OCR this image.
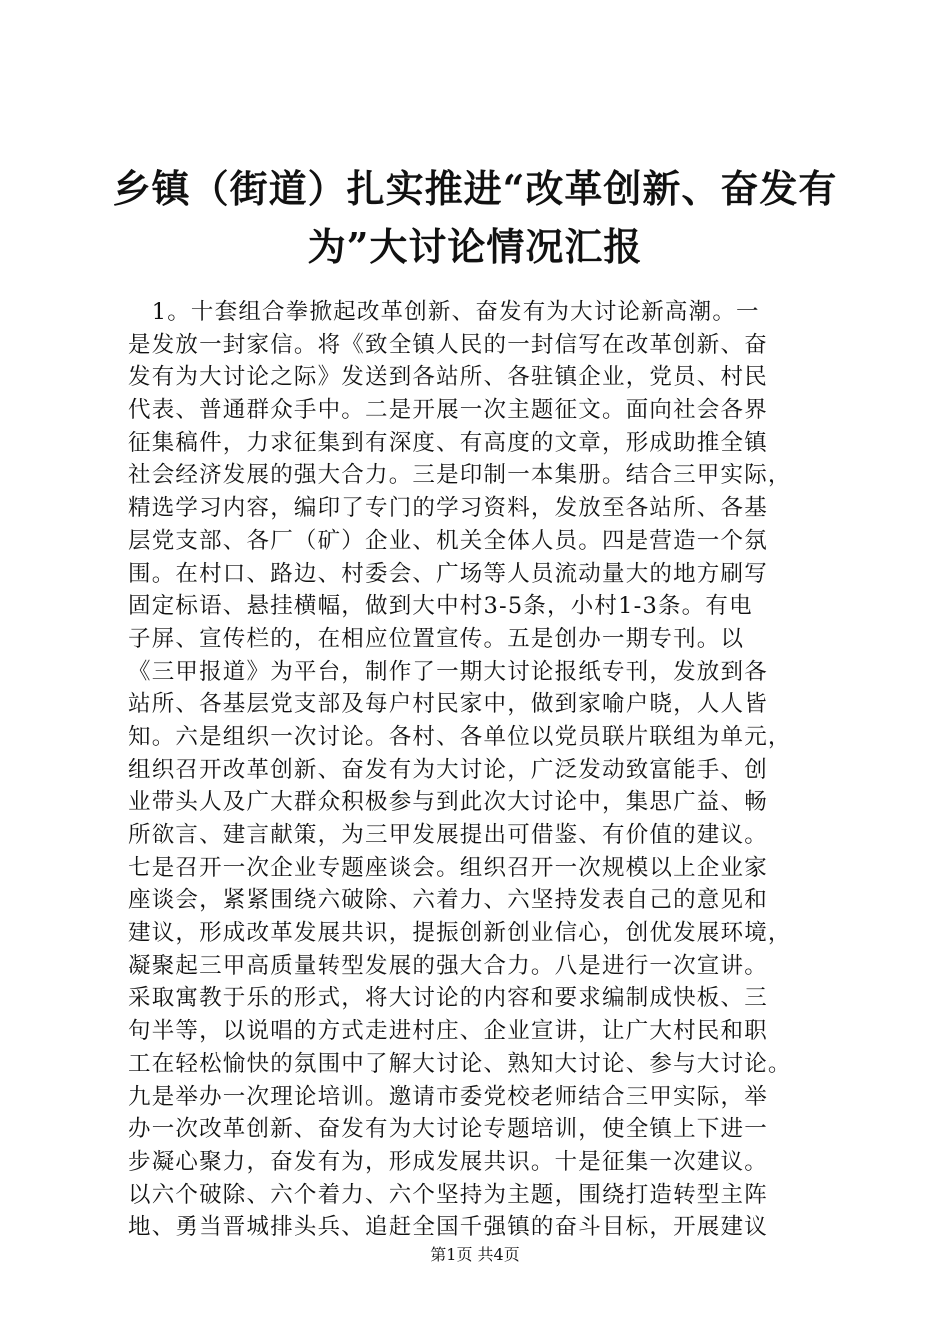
乡镇（街道）扎实推进“改革创新、奋发有
为”大讨论情况汇报
　1。十套组合拳掀起改革创新、奋发有为大讨论新高潮。一
是发放一封家信。将《致全镇人民的一封信写在改革创新、奋
发有为大讨论之际》发送到各站所、各驻镇企业，党员、村民
代表、普通群众手中。二是开展一次主题征文。面向社会各界
征集稿件，力求征集到有深度、有高度的文章，形成助推全镇
社会经济发展的强大合力。三是印制一本集册。结合三甲实际，
精选学习内容，编印了专门的学习资料，发放至各站所、各基
层党支部、各厂（矿）企业、机关全体人员。四是营造一个氛
围。在村口、路边、村委会、广场等人员流动量大的地方刷写
固定标语、悬挂横幅，做到大中村3-5条，小村1-3条。有电
子屏、宣传栏的，在相应位置宣传。五是创办一期专刊。以
《三甲报道》为平台，制作了一期大讨论报纸专刊，发放到各
站所、各基层党支部及每户村民家中，做到家喻户晓，人人皆
知。六是组织一次讨论。各村、各单位以党员联片联组为单元，
组织召开改革创新、奋发有为大讨论，广泛发动致富能手、创
业带头人及广大群众积极参与到此次大讨论中，集思广益、畅
所欲言、建言献策，为三甲发展提出可借鉴、有价值的建议。
七是召开一次企业专题座谈会。组织召开一次规模以上企业家
座谈会，紧紧围绕六破除、六着力、六坚持发表自己的意见和
建议，形成改革发展共识，提振创新创业信心，创优发展环境，
凝聚起三甲高质量转型发展的强大合力。八是进行一次宣讲。
采取寓教于乐的形式，将大讨论的内容和要求编制成快板、三
句半等，以说唱的方式走进村庄、企业宣讲，让广大村民和职
工在轻松愉快的氛围中了解大讨论、熟知大讨论、参与大讨论。
九是举办一次理论培训。邀请市委党校老师结合三甲实际，举
办一次改革创新、奋发有为大讨论专题培训，使全镇上下进一
步凝心聚力，奋发有为，形成发展共识。十是征集一次建议。
以六个破除、六个着力、六个坚持为主题，围绕打造转型主阵
地、勇当晋城排头兵、追赶全国千强镇的奋斗目标，开展建议
第1页 共4页
